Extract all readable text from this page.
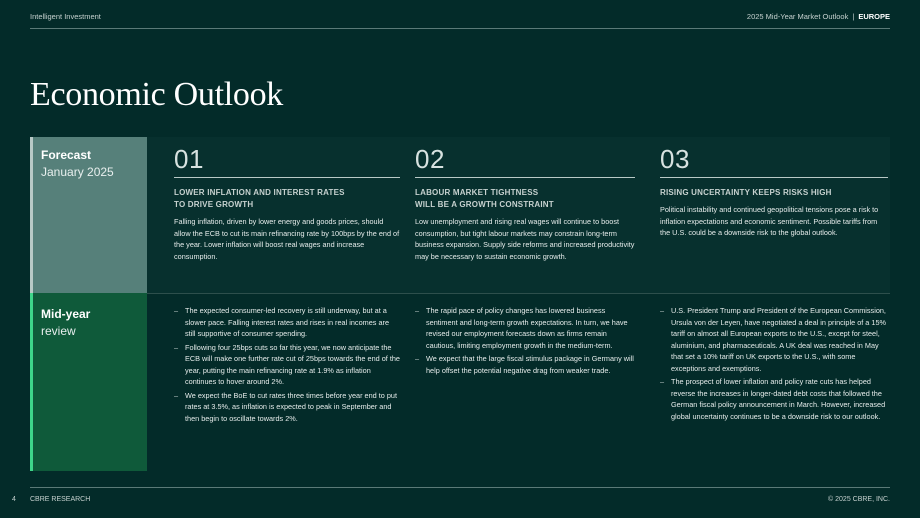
Intelligent Investment	2025 Mid-Year Market Outlook | EUROPE
Economic Outlook
Forecast
January 2025
Mid-year
review
01
LOWER INFLATION AND INTEREST RATES
TO DRIVE GROWTH
Falling inflation, driven by lower energy and goods prices, should allow the ECB to cut its main refinancing rate by 100bps by the end of the year. Lower inflation will boost real wages and increase consumption.
02
LABOUR MARKET TIGHTNESS
WILL BE A GROWTH CONSTRAINT
Low unemployment and rising real wages will continue to boost consumption, but tight labour markets may constrain long-term business expansion. Supply side reforms and increased productivity may be necessary to sustain economic growth.
03
RISING UNCERTAINTY KEEPS RISKS HIGH
Political instability and continued geopolitical tensions pose a risk to inflation expectations and economic sentiment. Possible tariffs from the U.S. could be a downside risk to the global outlook.
– The expected consumer-led recovery is still underway, but at a slower pace. Falling interest rates and rises in real incomes are still supportive of consumer spending.
– Following four 25bps cuts so far this year, we now anticipate the ECB will make one further rate cut of 25bps towards the end of the year, putting the main refinancing rate at 1.9% as inflation continues to hover around 2%.
– We expect the BoE to cut rates three times before year end to put rates at 3.5%, as inflation is expected to peak in September and then begin to oscillate towards 2%.
– The rapid pace of policy changes has lowered business sentiment and long-term growth expectations. In turn, we have revised our employment forecasts down as firms remain cautious, limiting employment growth in the medium-term.
– We expect that the large fiscal stimulus package in Germany will help offset the potential negative drag from weaker trade.
– U.S. President Trump and President of the European Commission, Ursula von der Leyen, have negotiated a deal in principle of a 15% tariff on almost all European exports to the U.S., except for steel, aluminium, and pharmaceuticals. A UK deal was reached in May that set a 10% tariff on UK exports to the U.S., with some exceptions and exemptions.
– The prospect of lower inflation and policy rate cuts has helped reverse the increases in longer-dated debt costs that followed the German fiscal policy announcement in March. However, increased global uncertainty continues to be a downside risk to our outlook.
4 CBRE RESEARCH	© 2025 CBRE, INC.
